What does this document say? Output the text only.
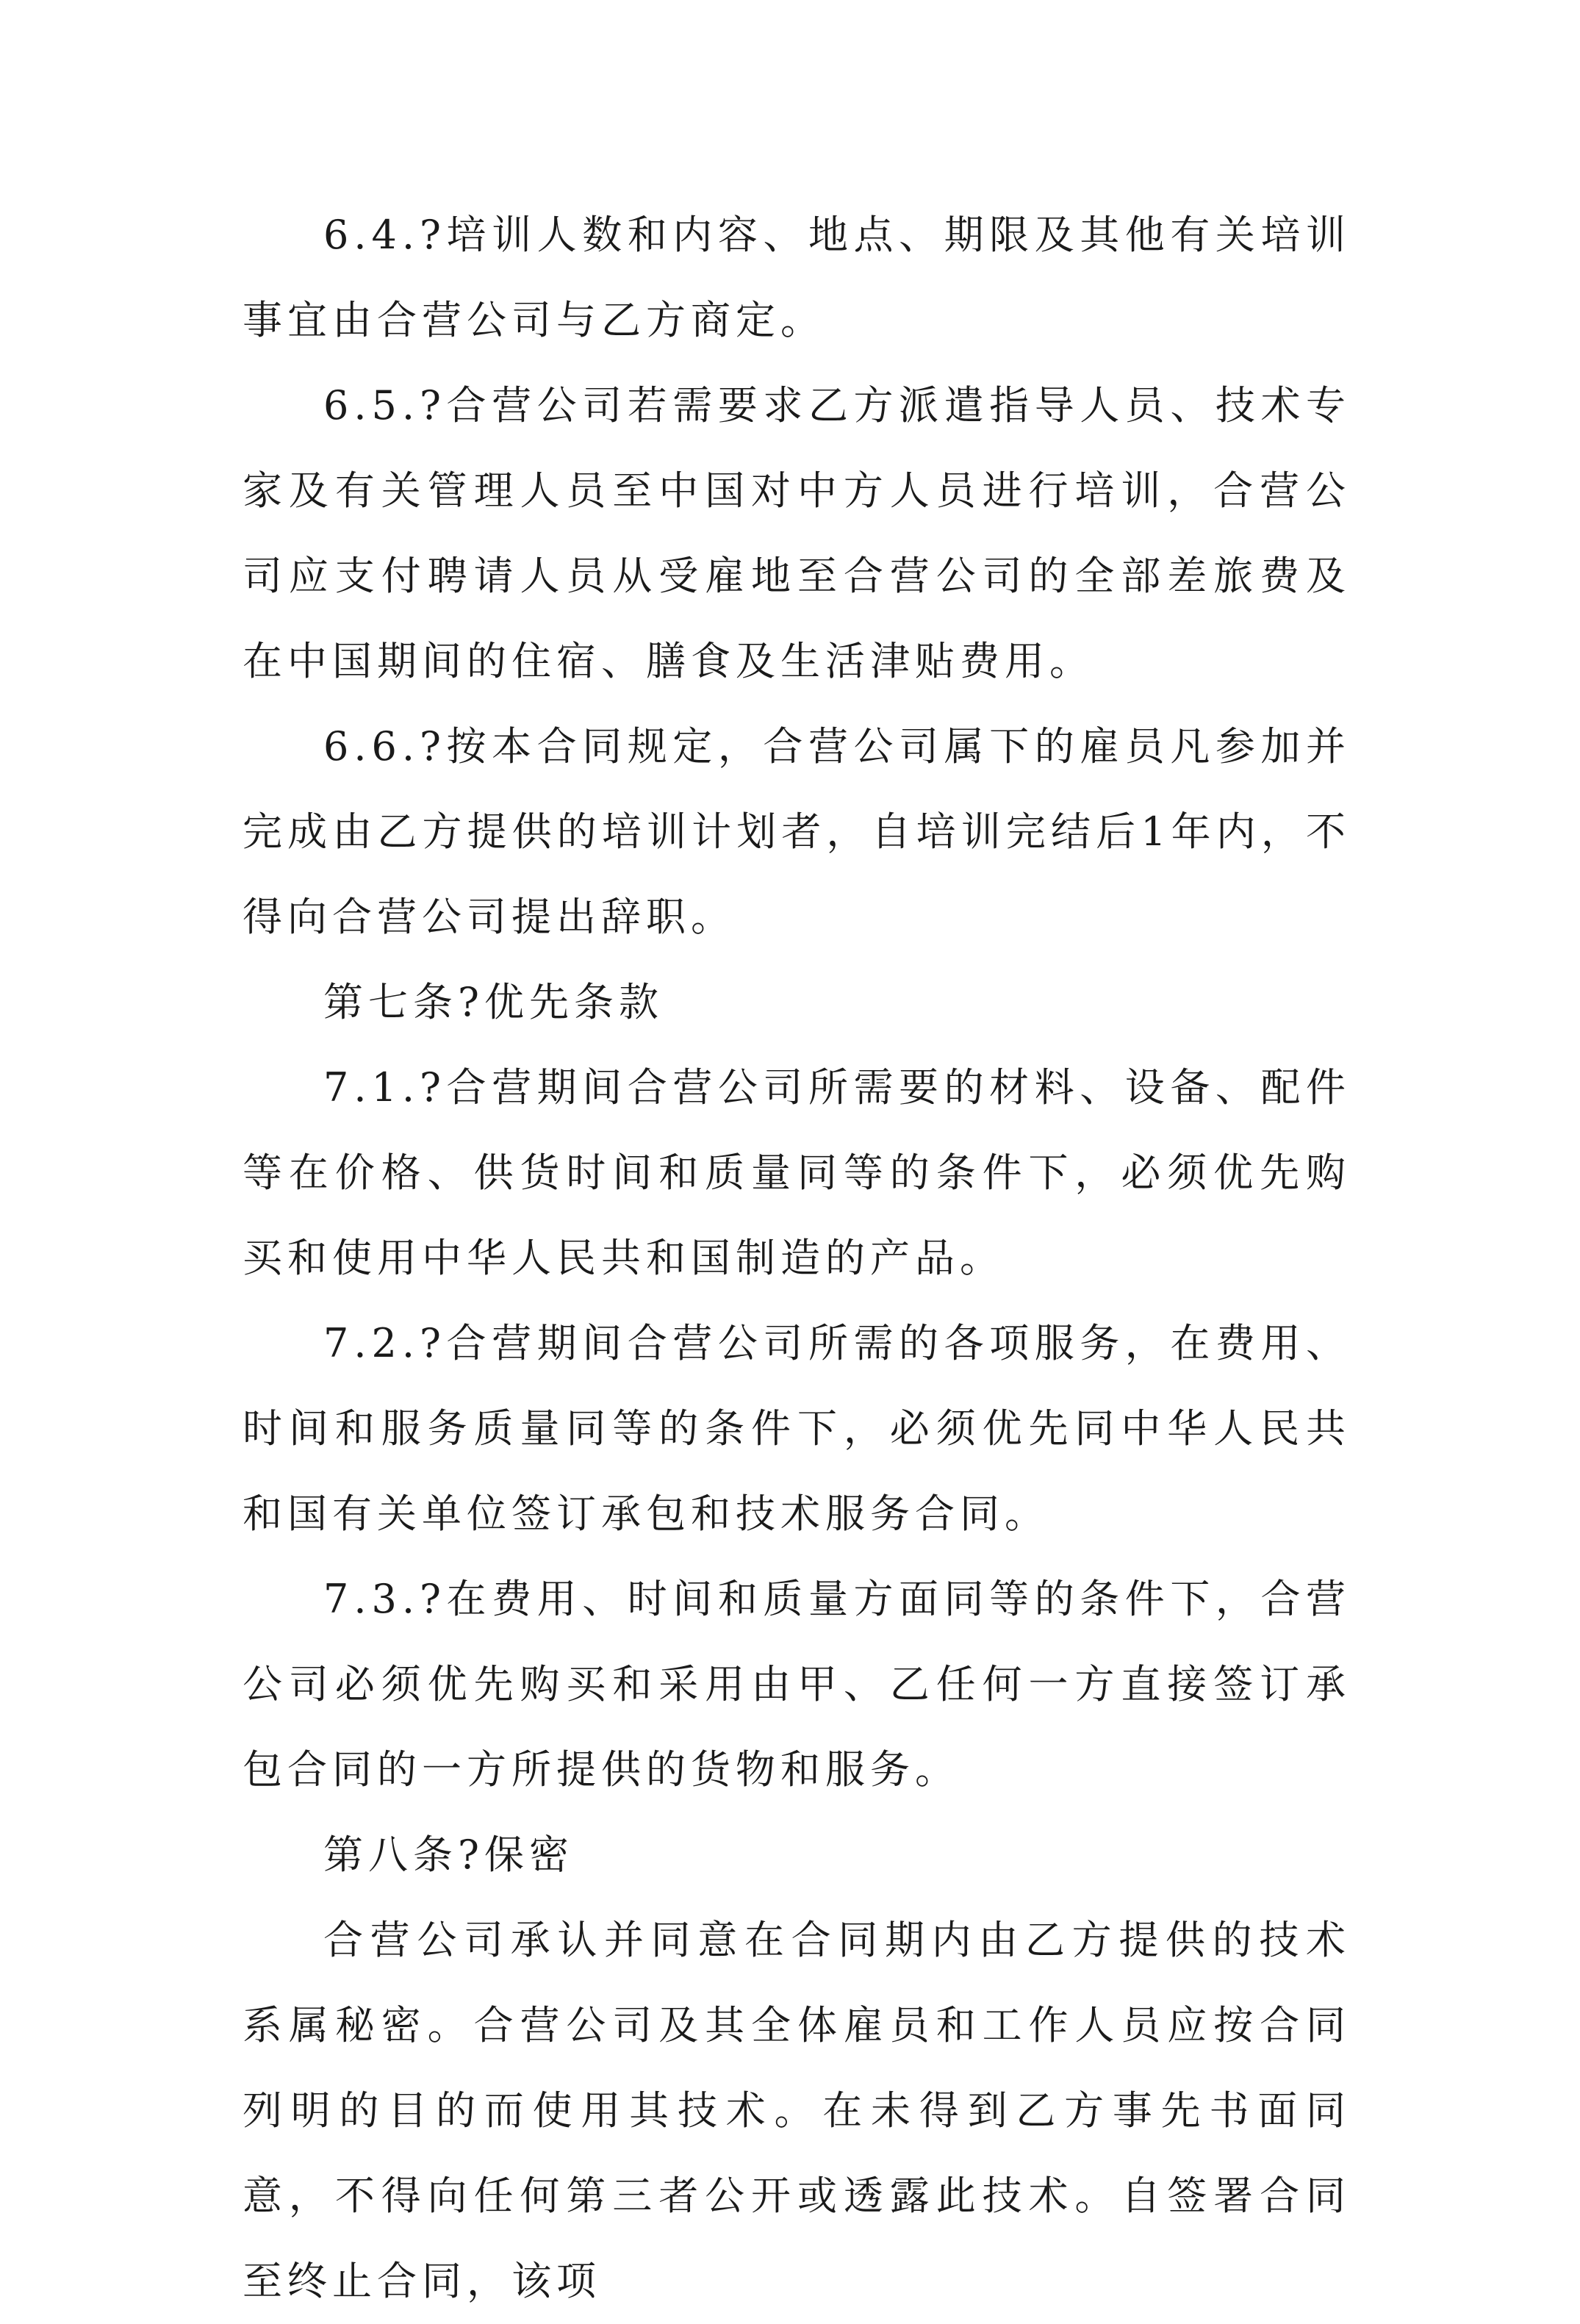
6.4.?培训人数和内容、地点、期限及其他有关培训事宜由合营公司与乙方商定。

6.5.?合营公司若需要求乙方派遣指导人员、技术专家及有关管理人员至中国对中方人员进行培训，合营公司应支付聘请人员从受雇地至合营公司的全部差旅费及在中国期间的住宿、膳食及生活津贴费用。

6.6.?按本合同规定，合营公司属下的雇员凡参加并完成由乙方提供的培训计划者，自培训完结后1年内，不得向合营公司提出辞职。

第七条?优先条款

7.1.?合营期间合营公司所需要的材料、设备、配件等在价格、供货时间和质量同等的条件下，必须优先购买和使用中华人民共和国制造的产品。

7.2.?合营期间合营公司所需的各项服务，在费用、时间和服务质量同等的条件下，必须优先同中华人民共和国有关单位签订承包和技术服务合同。

7.3.?在费用、时间和质量方面同等的条件下，合营公司必须优先购买和采用由甲、乙任何一方直接签订承包合同的一方所提供的货物和服务。

第八条?保密

合营公司承认并同意在合同期内由乙方提供的技术系属秘密。合营公司及其全体雇员和工作人员应按合同列明的目的而使用其技术。在未得到乙方事先书面同意，不得向任何第三者公开或透露此技术。自签署合同至终止合同，该项
